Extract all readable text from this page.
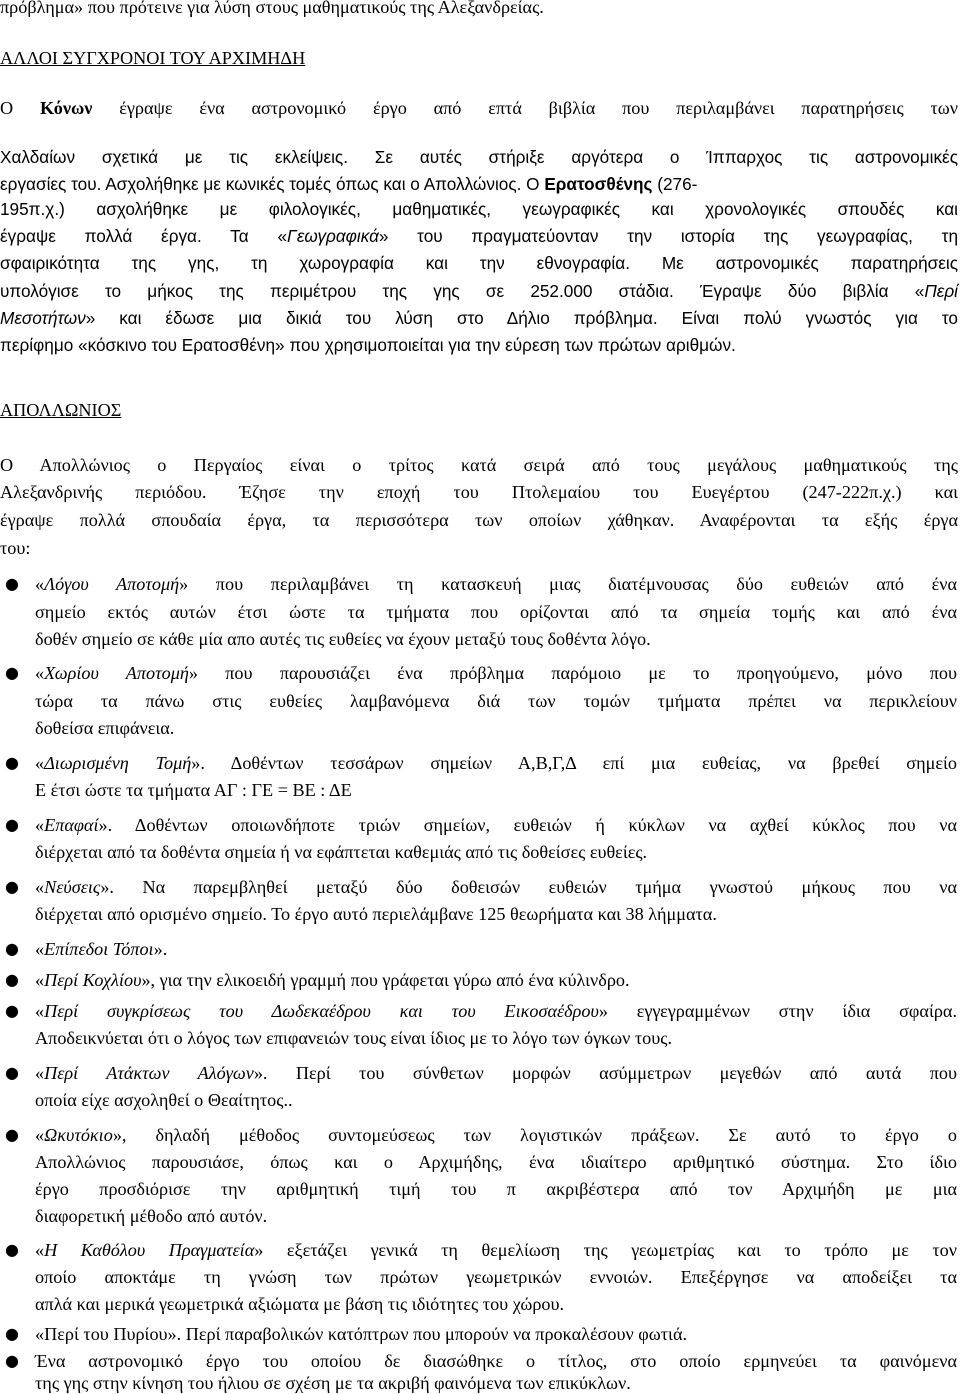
πρόβλημα» που πρότεινε για λύση στους μαθηματικούς της Αλεξανδρείας.

ΑΛΛΟΙ ΣΥΓΧΡΟΝΟΙ ΤΟΥ ΑΡΧΙΜΗΔΗ

Ο Κόνων έγραψε ένα αστρονομικό έργο από επτά βιβλία που περιλαμβάνει παρατηρήσεις των

Χαλδαίων σχετικά με τις εκλείψεις. Σε αυτές στήριξε αργότερα ο Ίππαρχος τις αστρονομικές

εργασίες του. Ασχολήθηκε με κωνικές τομές όπως και ο Απολλώνιος. Ο Ερατοσθένης (276-

195π.χ.) ασχολήθηκε με φιλολογικές, μαθηματικές, γεωγραφικές και χρονολογικές σπουδές και

έγραψε πολλά έργα. Τα «Γεωγραφικά» του πραγματεύονταν την ιστορία της γεωγραφίας, τη

σφαιρικότητα της γης, τη χωρογραφία και την εθνογραφία. Με αστρονομικές παρατηρήσεις

υπολόγισε το μήκος της περιμέτρου της γης σε 252.000 στάδια. Έγραψε δύο βιβλία «Περί

Μεσοτήτων» και έδωσε μια δικιά του λύση στο Δήλιο πρόβλημα. Είναι πολύ γνωστός για το

περίφημο «κόσκινο του Ερατοσθένη» που χρησιμοποιείται για την εύρεση των πρώτων αριθμών.

ΑΠΟΛΛΩΝΙΟΣ

Ο Απολλώνιος ο Περγαίος είναι ο τρίτος κατά σειρά από τους μεγάλους μαθηματικούς της

Αλεξανδρινής περιόδου. Έζησε την εποχή του Πτολεμαίου του Ευεγέρτου (247-222π.χ.) και

έγραψε πολλά σπουδαία έργα, τα περισσότερα των οποίων χάθηκαν. Αναφέρονται τα εξής έργα

του:

● «Λόγου Αποτομή» που περιλαμβάνει τη κατασκευή μιας διατέμνουσας δύο ευθειών από ένα

σημείο εκτός αυτών έτσι ώστε τα τμήματα που ορίζονται από τα σημεία τομής και από ένα

δοθέν σημείο σε κάθε μία απο αυτές τις ευθείες να έχουν μεταξύ τους δοθέντα λόγο.

● «Χωρίου Αποτομή» που παρουσιάζει ένα πρόβλημα παρόμοιο με το προηγούμενο, μόνο που

τώρα τα πάνω στις ευθείες λαμβανόμενα διά των τομών τμήματα πρέπει να περικλείουν

δοθείσα επιφάνεια.

● «Διωρισμένη Τομή». Δοθέντων τεσσάρων σημείων Α,Β,Γ,Δ επί μια ευθείας, να βρεθεί σημείο

Ε έτσι ώστε τα τμήματα ΑΓ : ΓΕ = ΒΕ : ΔΕ

● «Επαφαί». Δοθέντων οποιωνδήποτε τριών σημείων, ευθειών ή κύκλων να αχθεί κύκλος που να

διέρχεται από τα δοθέντα σημεία ή να εφάπτεται καθεμιάς από τις δοθείσες ευθείες.

● «Νεύσεις». Να παρεμβληθεί μεταξύ δύο δοθεισών ευθειών τμήμα γνωστού μήκους που να

διέρχεται από ορισμένο σημείο. Το έργο αυτό περιελάμβανε 125 θεωρήματα και 38 λήμματα.

● «Επίπεδοι Τόποι».

● «Περί Κοχλίου», για την ελικοειδή γραμμή που γράφεται γύρω από ένα κύλινδρο.

● «Περί συγκρίσεως του Δωδεκαέδρου και του Εικοσαέδρου» εγγεγραμμένων στην ίδια σφαίρα.

Αποδεικνύεται ότι ο λόγος των επιφανειών τους είναι ίδιος με το λόγο των όγκων τους.

● «Περί Ατάκτων Αλόγων». Περί του σύνθετων μορφών ασύμμετρων μεγεθών από αυτά που

οποία είχε ασχοληθεί ο Θεαίτητος..

● «Ωκυτόκιο», δηλαδή μέθοδος συντομεύσεως των λογιστικών πράξεων. Σε αυτό το έργο ο

Απολλώνιος παρουσιάσε, όπως και ο Αρχιμήδης, ένα ιδιαίτερο αριθμητικό σύστημα. Στο ίδιο

έργο προσδιόρισε την αριθμητική τιμή του π ακριβέστερα από τον Αρχιμήδη με μια

διαφορετική μέθοδο από αυτόν.

● «Η Καθόλου Πραγματεία» εξετάζει γενικά τη θεμελίωση της γεωμετρίας και το τρόπο με τον

οποίο αποκτάμε τη γνώση των πρώτων γεωμετρικών εννοιών. Επεξέργησε να αποδείξει τα

απλά και μερικά γεωμετρικά αξιώματα με βάση τις ιδιότητες του χώρου.

● «Περί του Πυρίου». Περί παραβολικών κατόπτρων που μπορούν να προκαλέσουν φωτιά.

● Ένα αστρονομικό έργο του οποίου δε διασώθηκε ο τίτλος, στο οποίο ερμηνεύει τα φαινόμενα

της γης στην κίνηση του ήλιου σε σχέση με τα ακριβή φαινόμενα των επικύκλων.
